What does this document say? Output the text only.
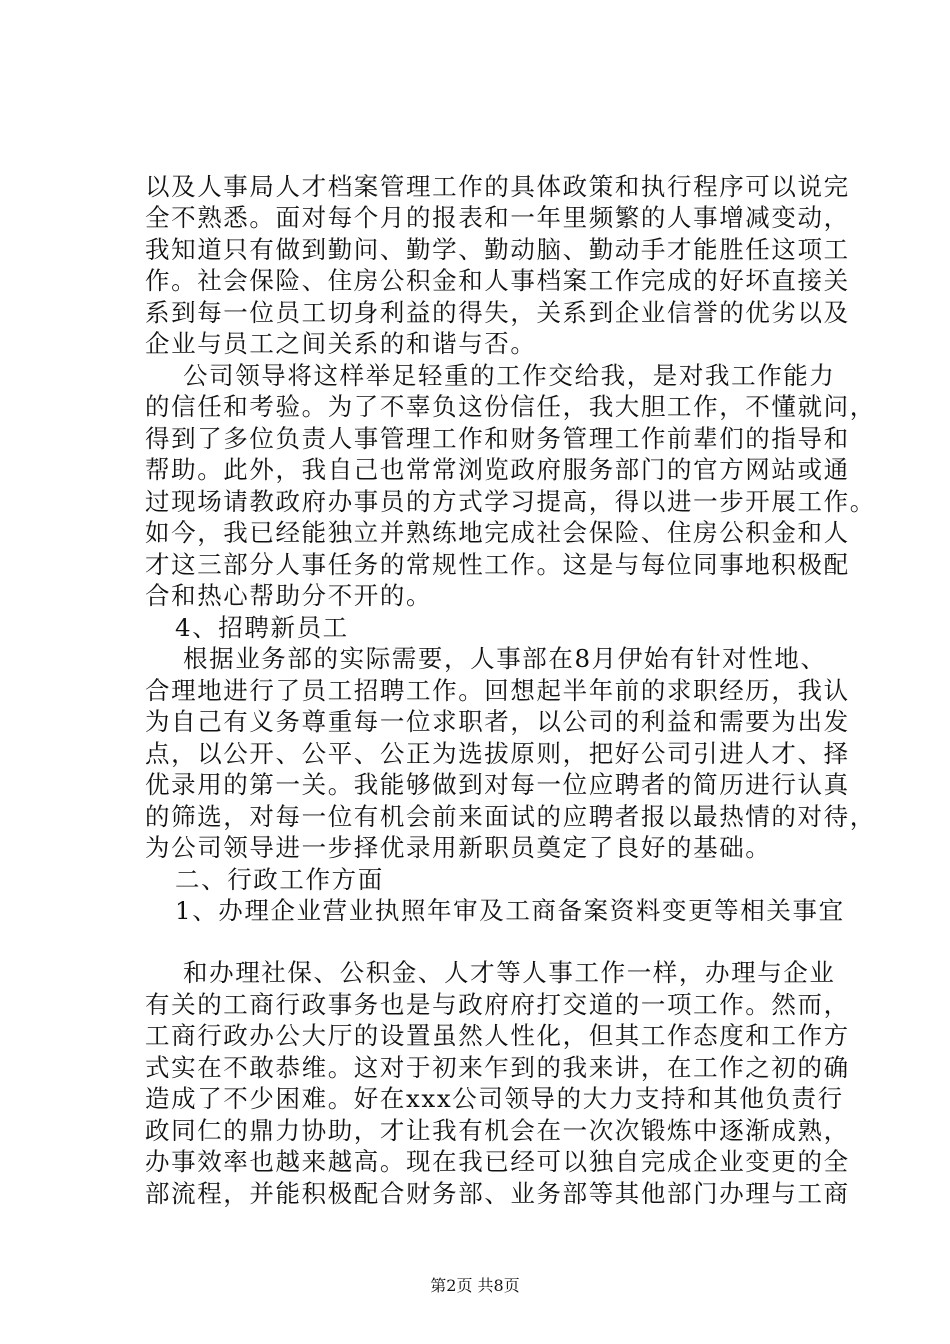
以及人事局人才档案管理工作的具体政策和执行程序可以说完
全不熟悉。面对每个月的报表和一年里频繁的人事增减变动，
我知道只有做到勤问、勤学、勤动脑、勤动手才能胜任这项工
作。社会保险、住房公积金和人事档案工作完成的好坏直接关
系到每一位员工切身利益的得失，关系到企业信誉的优劣以及
企业与员工之间关系的和谐与否。
公司领导将这样举足轻重的工作交给我，是对我工作能力
的信任和考验。为了不辜负这份信任，我大胆工作，不懂就问，
得到了多位负责人事管理工作和财务管理工作前辈们的指导和
帮助。此外，我自己也常常浏览政府服务部门的官方网站或通
过现场请教政府办事员的方式学习提高，得以进一步开展工作。
如今，我已经能独立并熟练地完成社会保险、住房公积金和人
才这三部分人事任务的常规性工作。这是与每位同事地积极配
合和热心帮助分不开的。
4、招聘新员工
根据业务部的实际需要，人事部在8月伊始有针对性地、
合理地进行了员工招聘工作。回想起半年前的求职经历，我认
为自己有义务尊重每一位求职者，以公司的利益和需要为出发
点，以公开、公平、公正为选拔原则，把好公司引进人才、择
优录用的第一关。我能够做到对每一位应聘者的简历进行认真
的筛选，对每一位有机会前来面试的应聘者报以最热情的对待，
为公司领导进一步择优录用新职员奠定了良好的基础。
二、行政工作方面
1、办理企业营业执照年审及工商备案资料变更等相关事宜
和办理社保、公积金、人才等人事工作一样，办理与企业
有关的工商行政事务也是与政府府打交道的一项工作。然而，
工商行政办公大厅的设置虽然人性化，但其工作态度和工作方
式实在不敢恭维。这对于初来乍到的我来讲，在工作之初的确
造成了不少困难。好在xxx公司领导的大力支持和其他负责行
政同仁的鼎力协助，才让我有机会在一次次锻炼中逐渐成熟，
办事效率也越来越高。现在我已经可以独自完成企业变更的全
部流程，并能积极配合财务部、业务部等其他部门办理与工商
第2页 共8页
